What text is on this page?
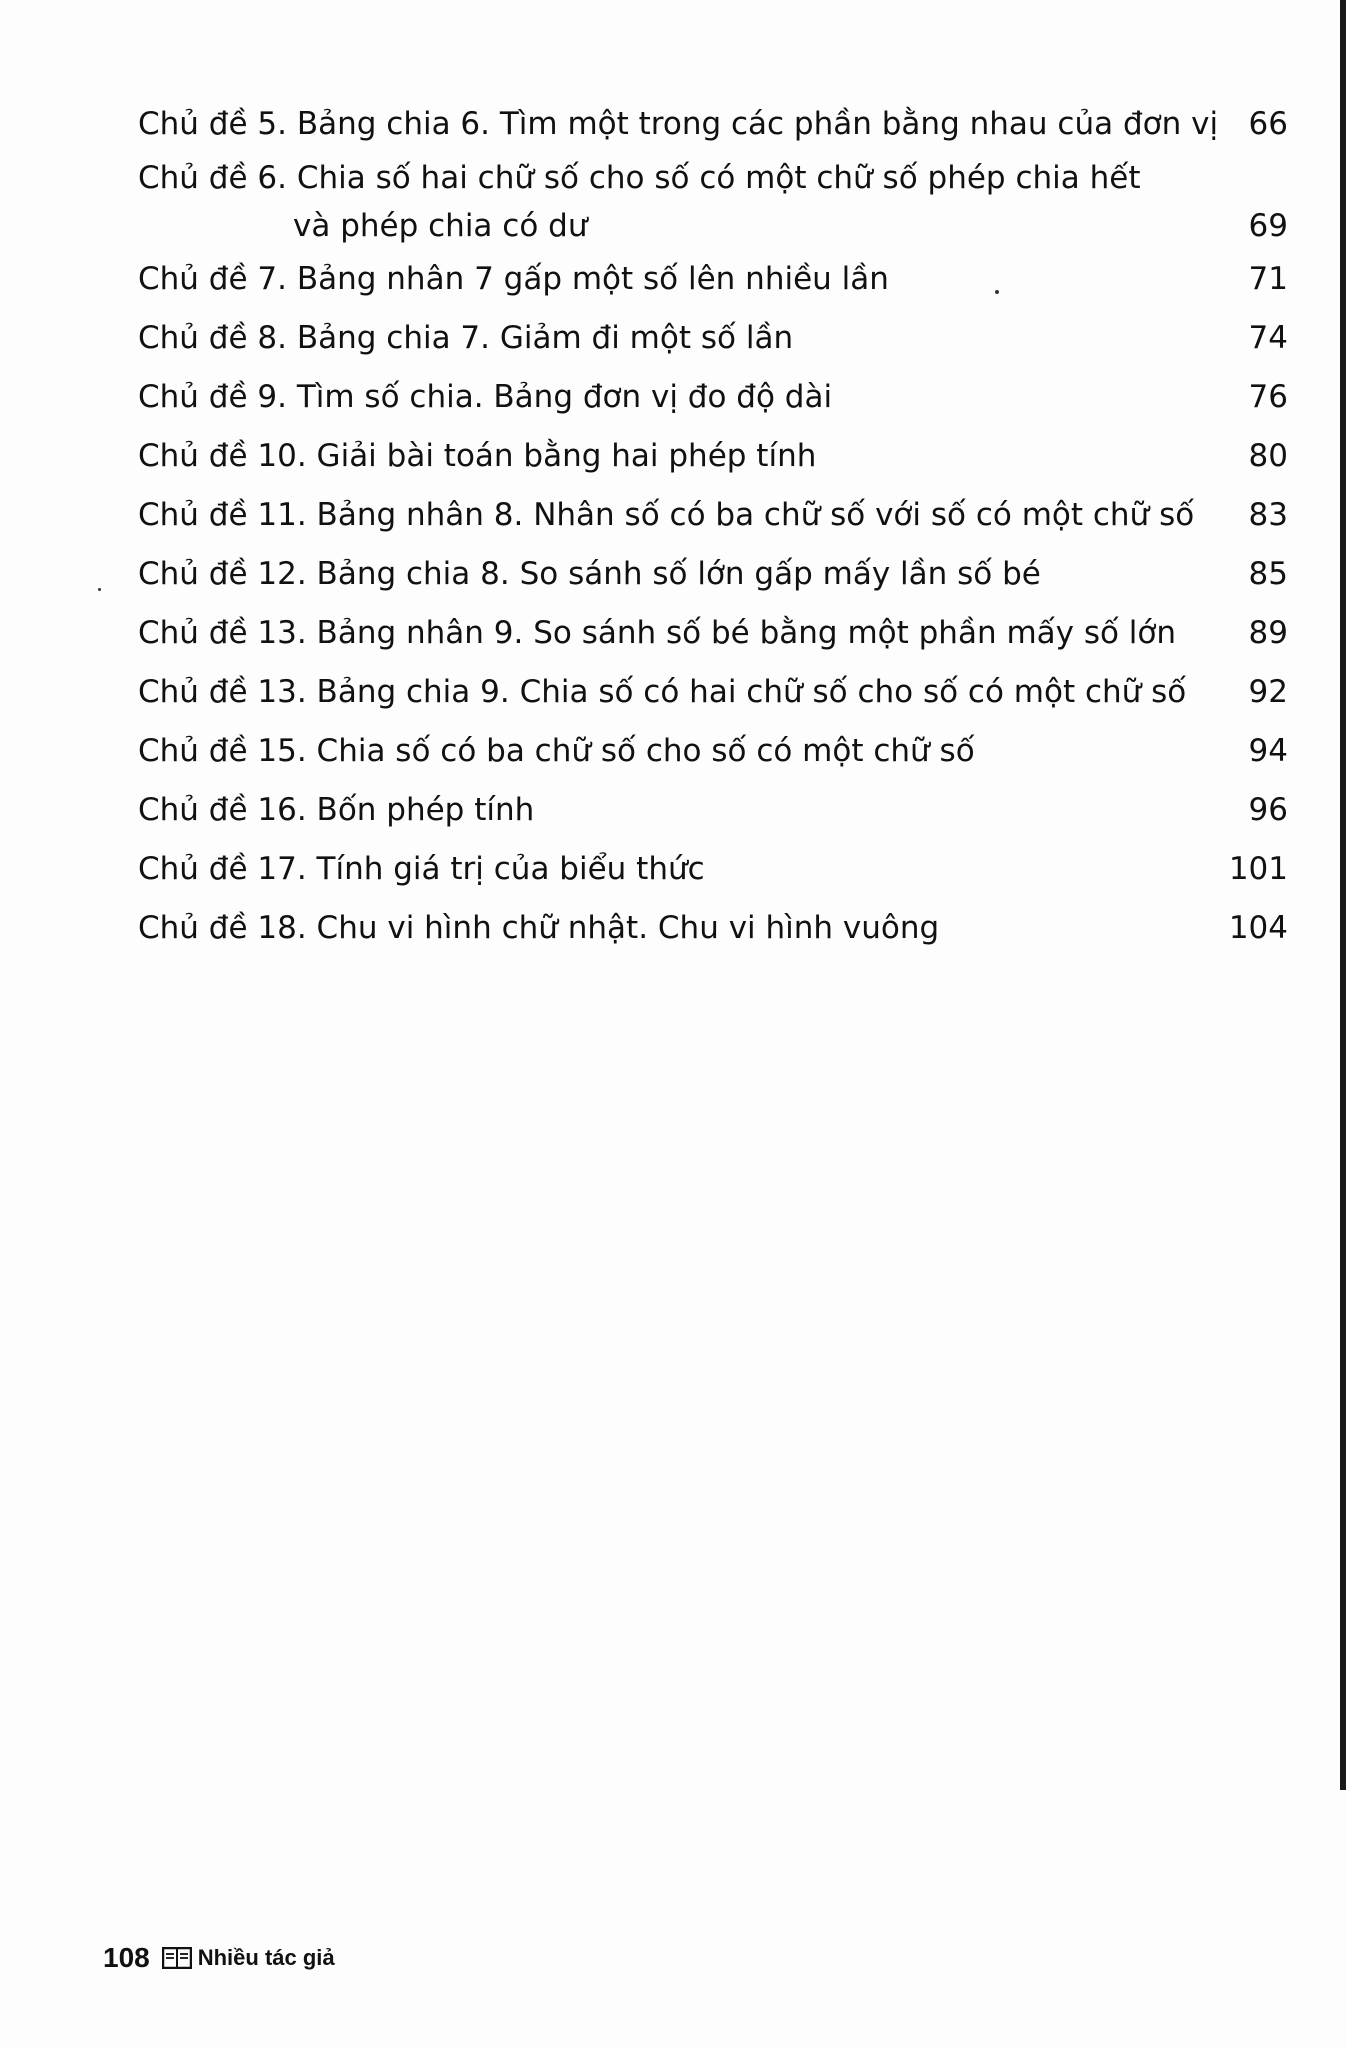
Chủ đề 5. Bảng chia 6. Tìm một trong các phần bằng nhau của đơn vị 66
Chủ đề 6. Chia số hai chữ số cho số có một chữ số phép chia hết
và phép chia có dư	69
Chủ đề 7. Bảng nhân 7 gấp một số lên nhiều lần	71
Chủ đề 8. Bảng chia 7. Giảm đi một số lần	74
Chủ đề 9. Tìm số chia. Bảng đơn vị đo độ dài	76
Chủ đề 10. Giải bài toán bằng hai phép tính	80
Chủ đề 11. Bảng nhân 8. Nhân số có ba chữ số với số có một chữ số	83
Chủ đề 12. Bảng chia 8. So sánh số lớn gấp mấy lần số bé	85
Chủ đề 13. Bảng nhân 9. So sánh số bé bằng một phần mấy số lớn	89
Chủ đề 13. Bảng chia 9. Chia số có hai chữ số cho số có một chữ số	92
Chủ đề 15. Chia số có ba chữ số cho số có một chữ số	94
Chủ đề 16. Bốn phép tính	96
Chủ đề 17. Tính giá trị của biểu thức	101
Chủ đề 18. Chu vi hình chữ nhật. Chu vi hình vuông	104
108 Nhiều tác giả
